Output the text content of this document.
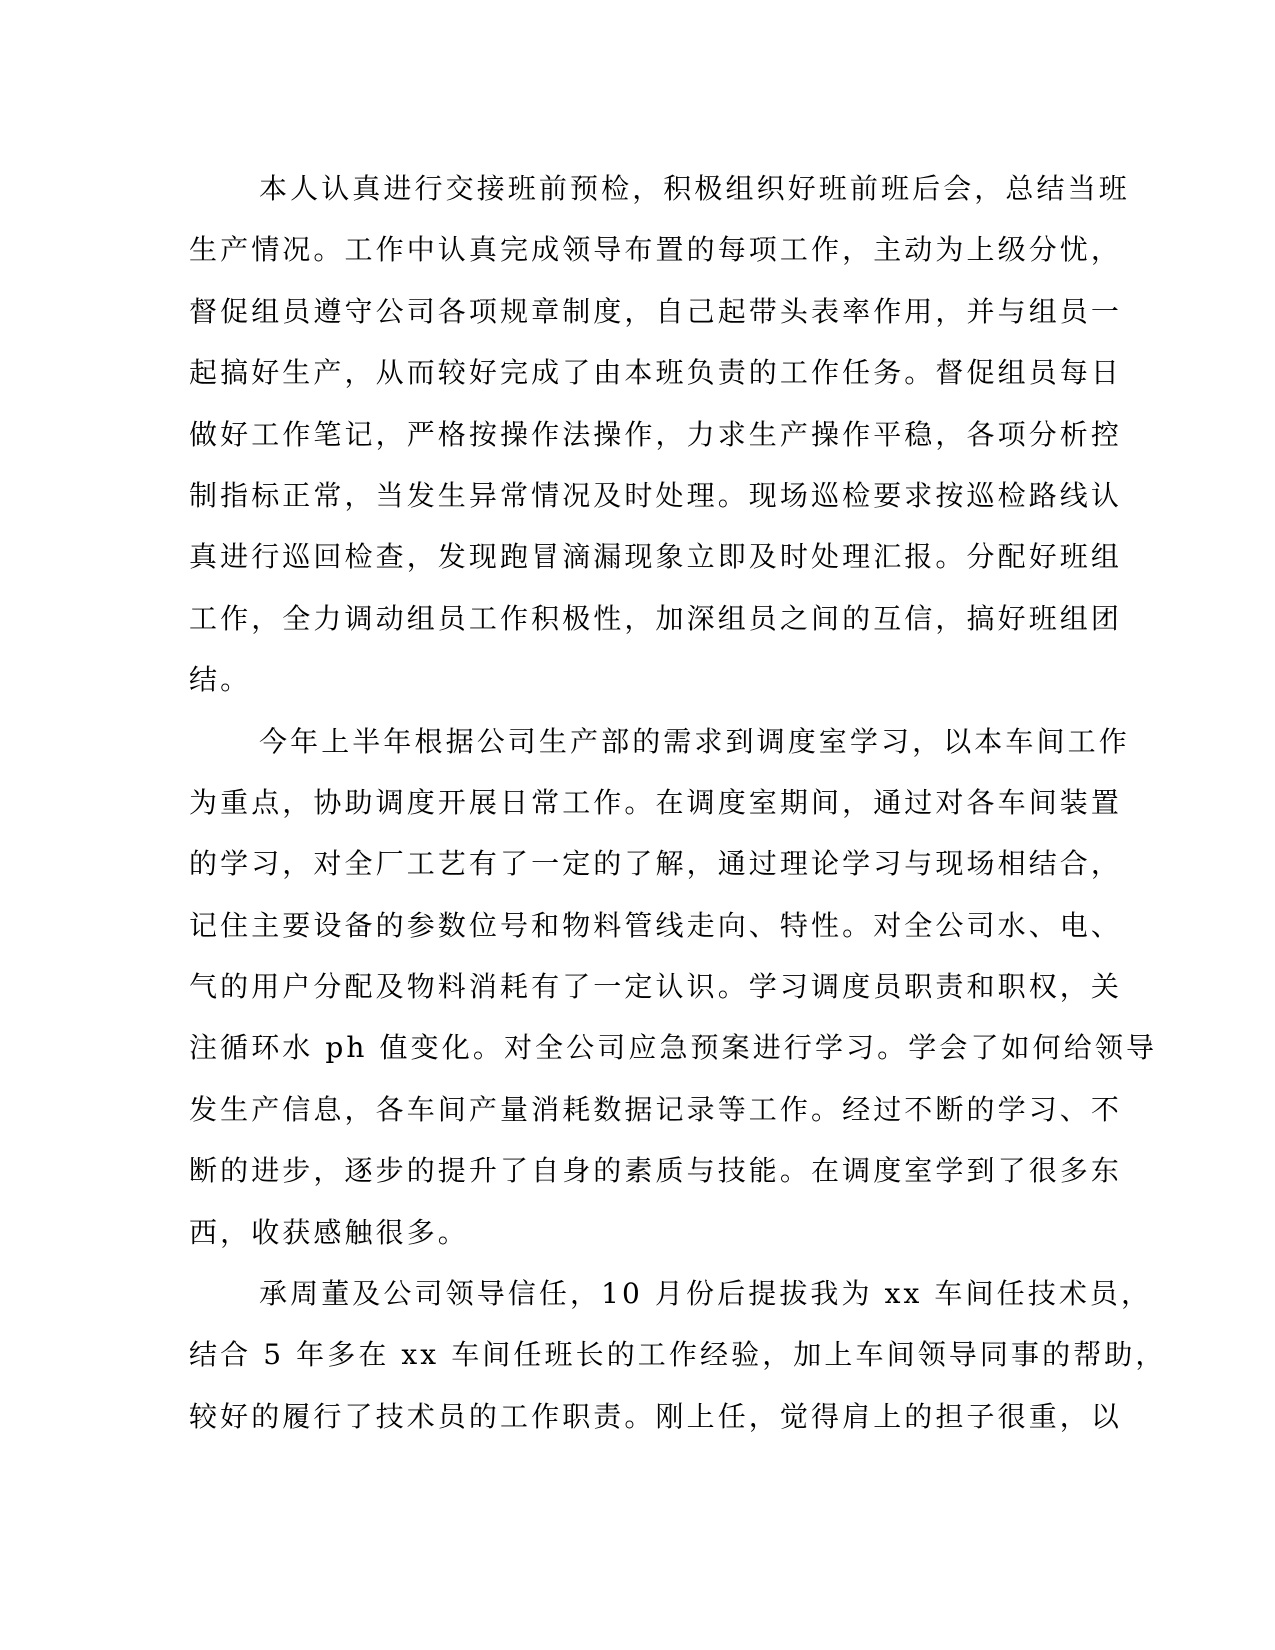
本人认真进行交接班前预检，积极组织好班前班后会，总结当班
生产情况。工作中认真完成领导布置的每项工作，主动为上级分忧，
督促组员遵守公司各项规章制度，自己起带头表率作用，并与组员一
起搞好生产，从而较好完成了由本班负责的工作任务。督促组员每日
做好工作笔记，严格按操作法操作，力求生产操作平稳，各项分析控
制指标正常，当发生异常情况及时处理。现场巡检要求按巡检路线认
真进行巡回检查，发现跑冒滴漏现象立即及时处理汇报。分配好班组
工作，全力调动组员工作积极性，加深组员之间的互信，搞好班组团
结。
今年上半年根据公司生产部的需求到调度室学习，以本车间工作
为重点，协助调度开展日常工作。在调度室期间，通过对各车间装置
的学习，对全厂工艺有了一定的了解，通过理论学习与现场相结合，
记住主要设备的参数位号和物料管线走向、特性。对全公司水、电、
气的用户分配及物料消耗有了一定认识。学习调度员职责和职权，关
注循环水 ph 值变化。对全公司应急预案进行学习。学会了如何给领导
发生产信息，各车间产量消耗数据记录等工作。经过不断的学习、不
断的进步，逐步的提升了自身的素质与技能。在调度室学到了很多东
西，收获感触很多。
承周董及公司领导信任，10 月份后提拔我为 xx 车间任技术员，
结合 5 年多在 xx 车间任班长的工作经验，加上车间领导同事的帮助，
较好的履行了技术员的工作职责。刚上任，觉得肩上的担子很重，以
